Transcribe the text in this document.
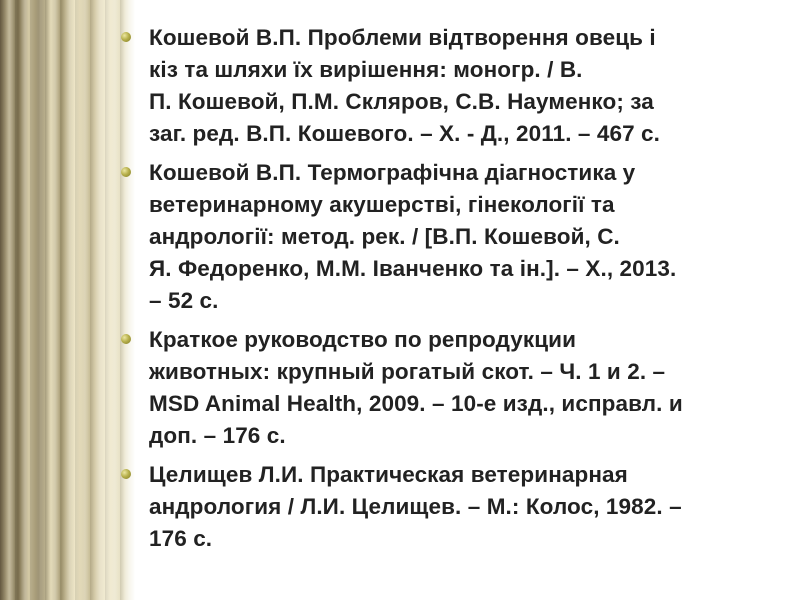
Кошевой В.П. Проблеми відтворення овець і
кіз та шляхи їх вирішення: моногр. / В.
П. Кошевой, П.М. Скляров, С.В. Науменко; за
заг. ред. В.П. Кошевого. – Х. - Д., 2011. – 467 с.
Кошевой В.П. Термографічна діагностика у
ветеринарному акушерстві, гінекології та
андрології: метод. рек. / [В.П. Кошевой, С.
Я. Федоренко, М.М. Іванченко та ін.]. – Х., 2013.
– 52 с.
Краткое руководство по репродукции
животных: крупный рогатый скот. – Ч. 1 и 2. –
MSD Animal Health, 2009. – 10-е изд., исправл. и
доп. – 176 с.
Целищев Л.И. Практическая ветеринарная
андрология / Л.И. Целищев. – М.: Колос, 1982. –
176 с.
